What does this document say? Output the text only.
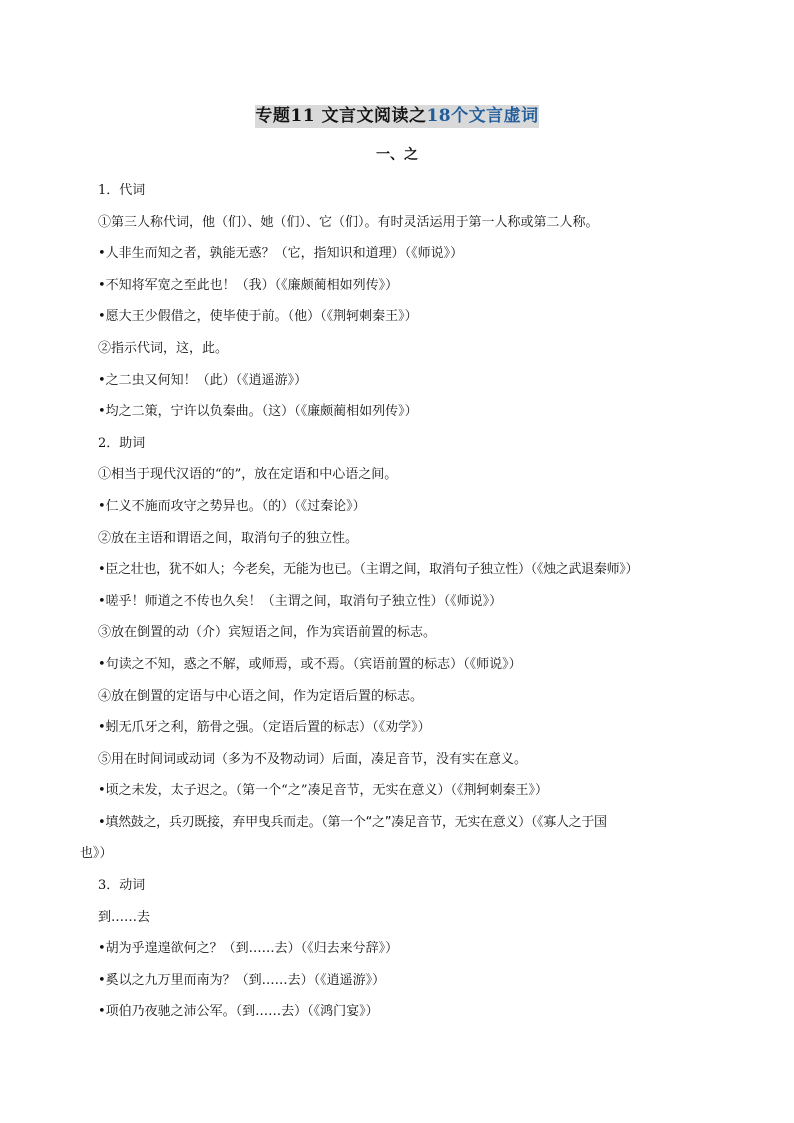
专题11 文言文阅读之18个文言虚词
一、之
1．代词
①第三人称代词，他（们）、她（们）、它（们）。有时灵活运用于第一人称或第二人称。
•人非生而知之者，孰能无惑？（它，指知识和道理）（《师说》）
•不知将军宽之至此也！（我）（《廉颇蔺相如列传》）
•愿大王少假借之，使毕使于前。（他）（《荆轲刺秦王》）
②指示代词，这，此。
•之二虫又何知！（此）（《逍遥游》）
•均之二策，宁许以负秦曲。（这）（《廉颇蔺相如列传》）
2．助词
①相当于现代汉语的“的”，放在定语和中心语之间。
•仁义不施而攻守之势异也。（的）（《过秦论》）
②放在主语和谓语之间，取消句子的独立性。
•臣之壮也，犹不如人；今老矣，无能为也已。（主谓之间，取消句子独立性）（《烛之武退秦师》）
•嗟乎！师道之不传也久矣！（主谓之间，取消句子独立性）（《师说》）
③放在倒置的动（介）宾短语之间，作为宾语前置的标志。
•句读之不知，惑之不解，或师焉，或不焉。（宾语前置的标志）（《师说》）
④放在倒置的定语与中心语之间，作为定语后置的标志。
•蚓无爪牙之利，筋骨之强。（定语后置的标志）（《劝学》）
⑤用在时间词或动词（多为不及物动词）后面，凑足音节，没有实在意义。
•顷之未发，太子迟之。（第一个“之”凑足音节，无实在意义）（《荆轲刺秦王》）
•填然鼓之，兵刃既接，弃甲曳兵而走。（第一个“之”凑足音节，无实在意义）（《寡人之于国
也》）
3．动词
到……去
•胡为乎遑遑欲何之？（到……去）（《归去来兮辞》）
•奚以之九万里而南为？（到……去）（《逍遥游》）
•项伯乃夜驰之沛公军。（到……去）（《鸿门宴》）
